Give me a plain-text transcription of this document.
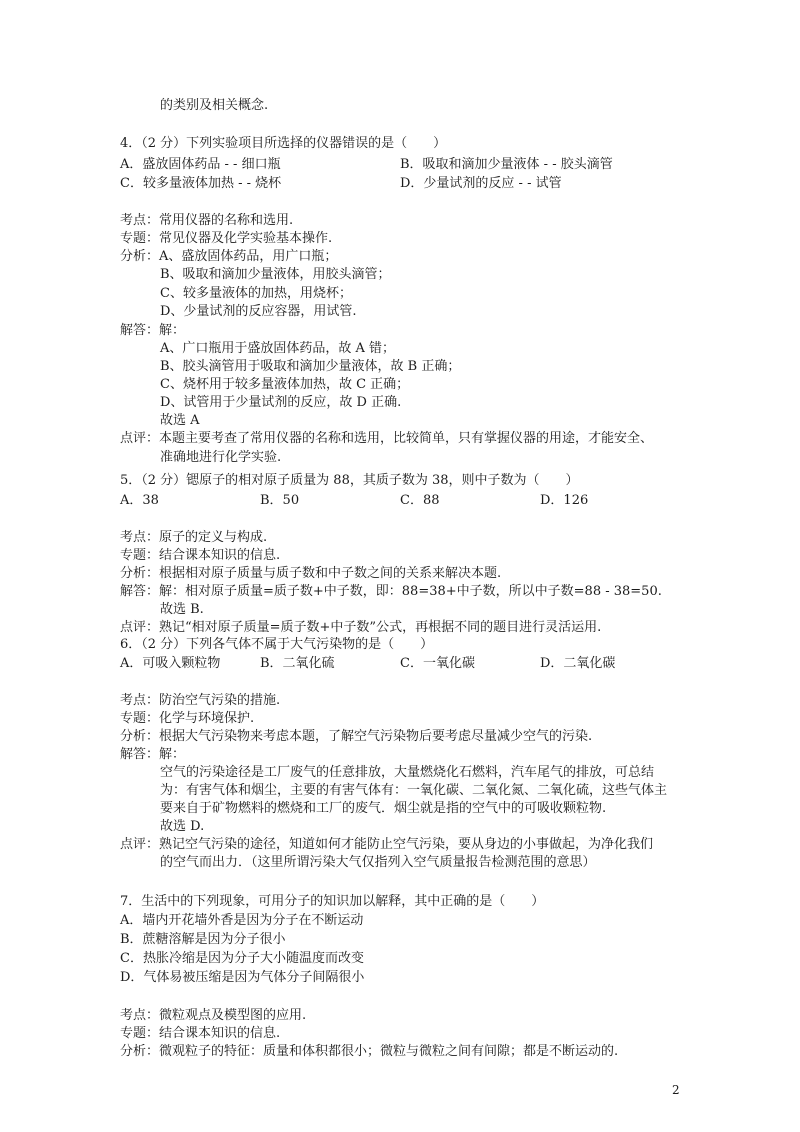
的类别及相关概念.
4．（2 分）下列实验项目所选择的仪器错误的是（　　）
A．盛放固体药品 - - 细口瓶	B．吸取和滴加少量液体 - - 胶头滴管
C．较多量液体加热 - - 烧杯	D．少量试剂的反应 - - 试管
考点：常用仪器的名称和选用.
专题：常见仪器及化学实验基本操作.
分析：A、盛放固体药品，用广口瓶；
B、吸取和滴加少量液体，用胶头滴管；
C、较多量液体的加热，用烧杯；
D、少量试剂的反应容器，用试管.
解答：解：
A、广口瓶用于盛放固体药品，故 A 错；
B、胶头滴管用于吸取和滴加少量液体，故 B 正确；
C、烧杯用于较多量液体加热，故 C 正确；
D、试管用于少量试剂的反应，故 D 正确.
故选 A
点评：本题主要考查了常用仪器的名称和选用，比较简单，只有掌握仪器的用途，才能安全、
准确地进行化学实验.
5．（2 分）锶原子的相对原子质量为 88，其质子数为 38，则中子数为（　　）
A．38	B．50	C．88	D．126
考点：原子的定义与构成.
专题：结合课本知识的信息.
分析：根据相对原子质量与质子数和中子数之间的关系来解决本题.
解答：解：相对原子质量=质子数+中子数，即：88=38+中子数，所以中子数=88 - 38=50.
故选 B.
点评：熟记“相对原子质量=质子数+中子数”公式，再根据不同的题目进行灵活运用.
6．（2 分）下列各气体不属于大气污染物的是（　　）
A．可吸入颗粒物	B．二氧化硫	C．一氧化碳	D．二氧化碳
考点：防治空气污染的措施.
专题：化学与环境保护.
分析：根据大气污染物来考虑本题，了解空气污染物后要考虑尽量减少空气的污染.
解答：解：
空气的污染途径是工厂废气的任意排放，大量燃烧化石燃料，汽车尾气的排放，可总结
为：有害气体和烟尘，主要的有害气体有：一氧化碳、二氧化氮、二氧化硫，这些气体主
要来自于矿物燃料的燃烧和工厂的废气．烟尘就是指的空气中的可吸收颗粒物.
故选 D.
点评：熟记空气污染的途径，知道如何才能防止空气污染，要从身边的小事做起，为净化我们
的空气而出力．（这里所谓污染大气仅指列入空气质量报告检测范围的意思）
7．生活中的下列现象，可用分子的知识加以解释，其中正确的是（　　）
A．墙内开花墙外香是因为分子在不断运动
B．蔗糖溶解是因为分子很小
C．热胀冷缩是因为分子大小随温度而改变
D．气体易被压缩是因为气体分子间隔很小
考点：微粒观点及模型图的应用.
专题：结合课本知识的信息.
分析：微观粒子的特征：质量和体积都很小；微粒与微粒之间有间隙；都是不断运动的.
2
